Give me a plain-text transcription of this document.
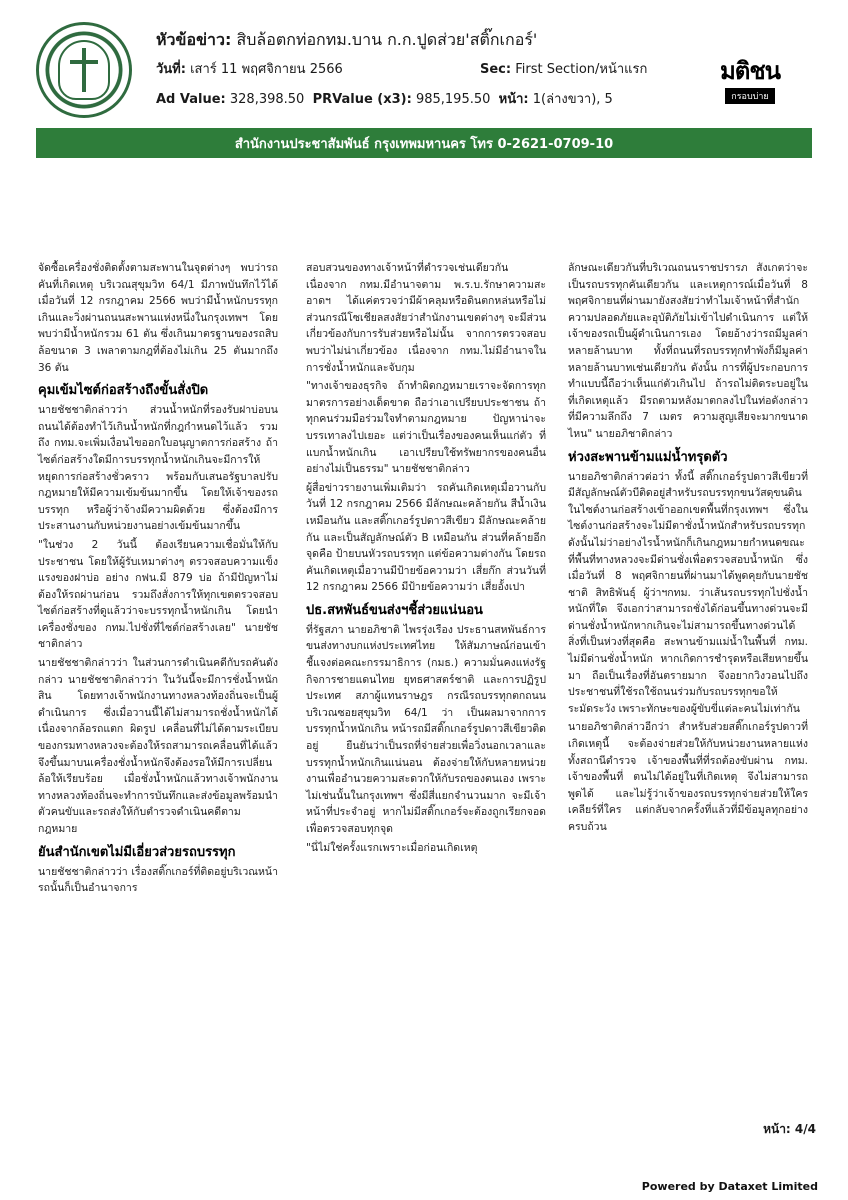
หัวข้อข่าว: สิบล้อตกท่อกทม.บาน ก.ก.ปูดส่วย'สติ๊กเกอร์'
วันที่: เสาร์ 11 พฤศจิกายน 2566	Sec: First Section/หน้าแรก
Ad Value: 328,398.50 PRValue (x3): 985,195.50 หน้า: 1(ล่างขวา), 5
มติชน
กรอบบ่าย
สำนักงานประชาสัมพันธ์ กรุงเทพมหานคร โทร 0-2621-0709-10

จัดซื้อเครื่องชั่งติดตั้งตามสะพานในจุดต่างๆ พบว่ารถคันที่เกิดเหตุ บริเวณสุขุมวิท 64/1 มีภาพบันทึกไว้ได้เมื่อวันที่ 12 กรกฎาคม 2566 พบว่ามีน้ำหนักบรรทุกเกินและวิ่งผ่านถนนสะพานแห่งหนึ่งในกรุงเทพฯ โดยพบว่ามีน้ำหนักรวม 61 ตัน ซึ่งเกินมาตรฐานของรถสิบล้อขนาด 3 เพลาตามกฎที่ต้องไม่เกิน 25 ตันมากถึง 36 ตัน

คุมเข้มไซต์ก่อสร้างถึงขั้นสั่งปิด

นายชัชชาติกล่าวว่า ส่วนน้ำหนักที่รองรับฝาบ่อบนถนนได้ต้องทำไว้เกินน้ำหนักที่กฎกำหนดไว้แล้ว รวมถึง กทม.จะเพิ่มเงื่อนไขออกใบอนุญาตการก่อสร้าง ถ้าไซต์ก่อสร้างใดมีการบรรทุกน้ำหนักเกินจะมีการให้หยุดการก่อสร้างชั่วคราว พร้อมกับเสนอรัฐบาลปรับกฎหมายให้มีความเข้มข้นมากขึ้น โดยให้เจ้าของรถบรรทุก หรือผู้ว่าจ้างมีความผิดด้วย ซึ่งต้องมีการประสานงานกับหน่วยงานอย่างเข้มข้นมากขึ้น

"ในช่วง 2 วันนี้ ต้องเรียนความเชื่อมั่นให้กับประชาชน โดยให้ผู้รับเหมาต่างๆ ตรวจสอบความแข็งแรงของฝาบ่อ อย่าง กฟน.มี 879 บ่อ ถ้ามีปัญหาไม่ต้องให้รถผ่านก่อน รวมถึงสั่งการให้ทุกเขตตรวจสอบไซต์ก่อสร้างที่ดูแล้วว่าจะบรรทุกน้ำหนักเกิน โดยนำเครื่องชั่งของ กทม.ไปชั่งที่ไซต์ก่อสร้างเลย" นายชัชชาติกล่าว

นายชัชชาติกล่าวว่า ในส่วนการดำเนินคดีกับรถคันดังกล่าว นายชัชชาติกล่าวว่า ในวันนี้จะมีการชั่งน้ำหนักสิน โดยทางเจ้าพนักงานทางหลวงท้องถิ่นจะเป็นผู้ดำเนินการ ซึ่งเมื่อวานนี้ได้ไม่สามารถชั่งน้ำหนักได้เนื่องจากล้อรถแตก ผิดรูป เคลื่อนที่ไม่ได้ตามระเบียบของกรมทางหลวงจะต้องให้รถสามารถเคลื่อนที่ได้แล้วจึงขึ้นมาบนเครื่องชั่งน้ำหนักจึงต้องรอให้มีการเปลี่ยนล้อให้เรียบร้อย เมื่อชั่งน้ำหนักแล้วทางเจ้าพนักงานทางหลวงท้องถิ่นจะทำการบันทึกและส่งข้อมูลพร้อมนำตัวคนขับและรถส่งให้กับตำรวจดำเนินคดีตามกฎหมาย

ยันสำนักเขตไม่มีเอี่ยวส่วยรถบรรทุก

นายชัชชาติกล่าวว่า เรื่องสติ๊กเกอร์ที่ติดอยู่บริเวณหน้ารถนั้นก็เป็นอำนาจการ

สอบสวนของทางเจ้าหน้าที่ตำรวจเช่นเดียวกัน เนื่องจาก กทม.มีอำนาจตาม พ.ร.บ.รักษาความสะอาดฯ ได้แค่ตรวจว่ามีผ้าคลุมหรือดินตกหล่นหรือไม่ ส่วนกรณีโซเชียลสงสัยว่าสำนักงานเขตต่างๆ จะมีส่วนเกี่ยวข้องกับการรับส่วยหรือไม่นั้น จากการตรวจสอบพบว่าไม่น่าเกี่ยวข้อง เนื่องจาก กทม.ไม่มีอำนาจในการชั่งน้ำหนักและจับกุม

"ทางเจ้าของธุรกิจ ถ้าทำผิดกฎหมายเราจะจัดการทุกมาตรการอย่างเด็ดขาด ถือว่าเอาเปรียบประชาชน ถ้าทุกคนร่วมมือร่วมใจทำตามกฎหมาย ปัญหาน่าจะบรรเทาลงไปเยอะ แต่ว่าเป็นเรื่องของคนเห็นแก่ตัว ที่แบกน้ำหนักเกิน เอาเปรียบใช้ทรัพยากรของคนอื่นอย่างไม่เป็นธรรม" นายชัชชาติกล่าว

ผู้สื่อข่าวรายงานเพิ่มเติมว่า รถคันเกิดเหตุเมื่อวานกับวันที่ 12 กรกฎาคม 2566 มีลักษณะคล้ายกัน สีน้ำเงินเหมือนกัน และสติ๊กเกอร์รูปดาวสีเขียว มีลักษณะคล้ายกัน และเป็นสัญลักษณ์ตัว B เหมือนกัน ส่วนที่คล้ายอีกจุดคือ ป้ายบนหัวรถบรรทุก แต่ข้อความต่างกัน โดยรถคันเกิดเหตุเมื่อวานมีป้ายข้อความว่า เสี่ยก๊ก ส่วนวันที่ 12 กรกฎาคม 2566 มีป้ายข้อความว่า เสี่ยอั้งเปา

ปธ.สหพันธ์ขนส่งฯชี้ส่วยแน่นอน

ที่รัฐสภา นายอภิชาติ ไพรรุ่งเรือง ประธานสหพันธ์การขนส่งทางบกแห่งประเทศไทย ให้สัมภาษณ์ก่อนเข้าชี้แจงต่อคณะกรรมาธิการ (กมธ.) ความมั่นคงแห่งรัฐ กิจการชายแดนไทย ยุทธศาสตร์ชาติ และการปฏิรูปประเทศ สภาผู้แทนราษฎร กรณีรถบรรทุกตกถนนบริเวณซอยสุขุมวิท 64/1 ว่า เป็นผลมาจากการบรรทุกน้ำหนักเกิน หน้ารถมีสติ๊กเกอร์รูปดาวสีเขียวติดอยู่ ยืนยันว่าเป็นรถที่จ่ายส่วยเพื่อวิ่งนอกเวลาและบรรทุกน้ำหนักเกินแน่นอน ต้องจ่ายให้กับหลายหน่วยงานเพื่ออำนวยความสะดวกให้กับรถของตนเอง เพราะไม่เช่นนั้นในกรุงเทพฯ ซึ่งมีสี่แยกจำนวนมาก จะมีเจ้าหน้าที่ประจำอยู่ หากไม่มีสติ๊กเกอร์จะต้องถูกเรียกจอดเพื่อตรวจสอบทุกจุด

"นี่ไม่ใช่ครั้งแรกเพราะเมื่อก่อนเกิดเหตุ

ลักษณะเดียวกันที่บริเวณถนนราชปรารภ สังเกตว่าจะเป็นรถบรรทุกคันเดียวกัน และเหตุการณ์เมื่อวันที่ 8 พฤศจิกายนที่ผ่านมายังสงสัยว่าทำไมเจ้าหน้าที่สำนักความปลอดภัยและอุบัติภัยไม่เข้าไปดำเนินการ แต่ให้เจ้าของรถเป็นผู้ดำเนินการเอง โดยอ้างว่ารถมีมูลค่าหลายล้านบาท ทั้งที่ถนนที่รถบรรทุกทำพังก็มีมูลค่าหลายล้านบาทเช่นเดียวกัน ดังนั้น การที่ผู้ประกอบการทำแบบนี้ถือว่าเห็นแก่ตัวเกินไป ถ้ารถไม่ติดระบอยู่ในที่เกิดเหตุแล้ว มีรถตามหลังมาตกลงไปในท่อดังกล่าว ที่มีความลึกถึง 7 เมตร ความสูญเสียจะมากขนาดไหน" นายอภิชาติกล่าว

ห่วงสะพานข้ามแม่น้ำทรุดตัว

นายอภิชาติกล่าวต่อว่า ทั้งนี้ สติ๊กเกอร์รูปดาวสีเขียวที่มีสัญลักษณ์ตัวบีติดอยู่สำหรับรถบรรทุกขนวัสดุขนดินในไซต์งานก่อสร้างเข้าออกเขตพื้นที่กรุงเทพฯ ซึ่งในไซต์งานก่อสร้างจะไม่มีตาชั่งน้ำหนักสำหรับรถบรรทุก ดังนั้นไม่ว่าอย่างไรน้ำหนักก็เกินกฎหมายกำหนดขณะที่พื้นที่ทางหลวงจะมีด่านชั่งเพื่อตรวจสอบน้ำหนัก ซึ่งเมื่อวันที่ 8 พฤศจิกายนที่ผ่านมาได้พูดคุยกับนายชัชชาติ สิทธิพันธุ์ ผู้ว่าฯกทม. ว่าเส้นรถบรรทุกไปชั่งน้ำหนักที่ใด จึงเอกว่าสามารถชั่งได้ก่อนขึ้นทางด่วนจะมีด่านชั่งน้ำหนักหากเกินจะไม่สามารถขึ้นทางด่วนได้ สิ่งที่เป็นห่วงที่สุดคือ สะพานข้ามแม่น้ำในพื้นที่ กทม. ไม่มีด่านชั่งน้ำหนัก หากเกิดการชำรุดหรือเสียหายขึ้นมา ถือเป็นเรื่องที่อันตรายมาก จึงอยากวิงวอนไปถึงประชาชนที่ใช้รถใช้ถนนร่วมกับรถบรรทุกขอให้ระมัดระวัง เพราะทักษะของผู้ขับขี่แต่ละคนไม่เท่ากัน

นายอภิชาติกล่าวอีกว่า สำหรับส่วยสติ๊กเกอร์รูปดาวที่เกิดเหตุนี้ จะต้องจ่ายส่วยให้กับหน่วยงานหลายแห่ง ทั้งสถานีตำรวจ เจ้าของพื้นที่ที่รถต้องขับผ่าน กทม. เจ้าของพื้นที่ ตนไม่ได้อยู่ในที่เกิดเหตุ จึงไม่สามารถพูดได้ และไม่รู้ว่าเจ้าของรถบรรทุกจ่ายส่วยให้ใครเคลียร์ที่ใคร แต่กลับจากครั้งที่แล้วที่มีข้อมูลทุกอย่างครบถ้วน

หน้า: 4/4
Powered by Dataxet Limited
